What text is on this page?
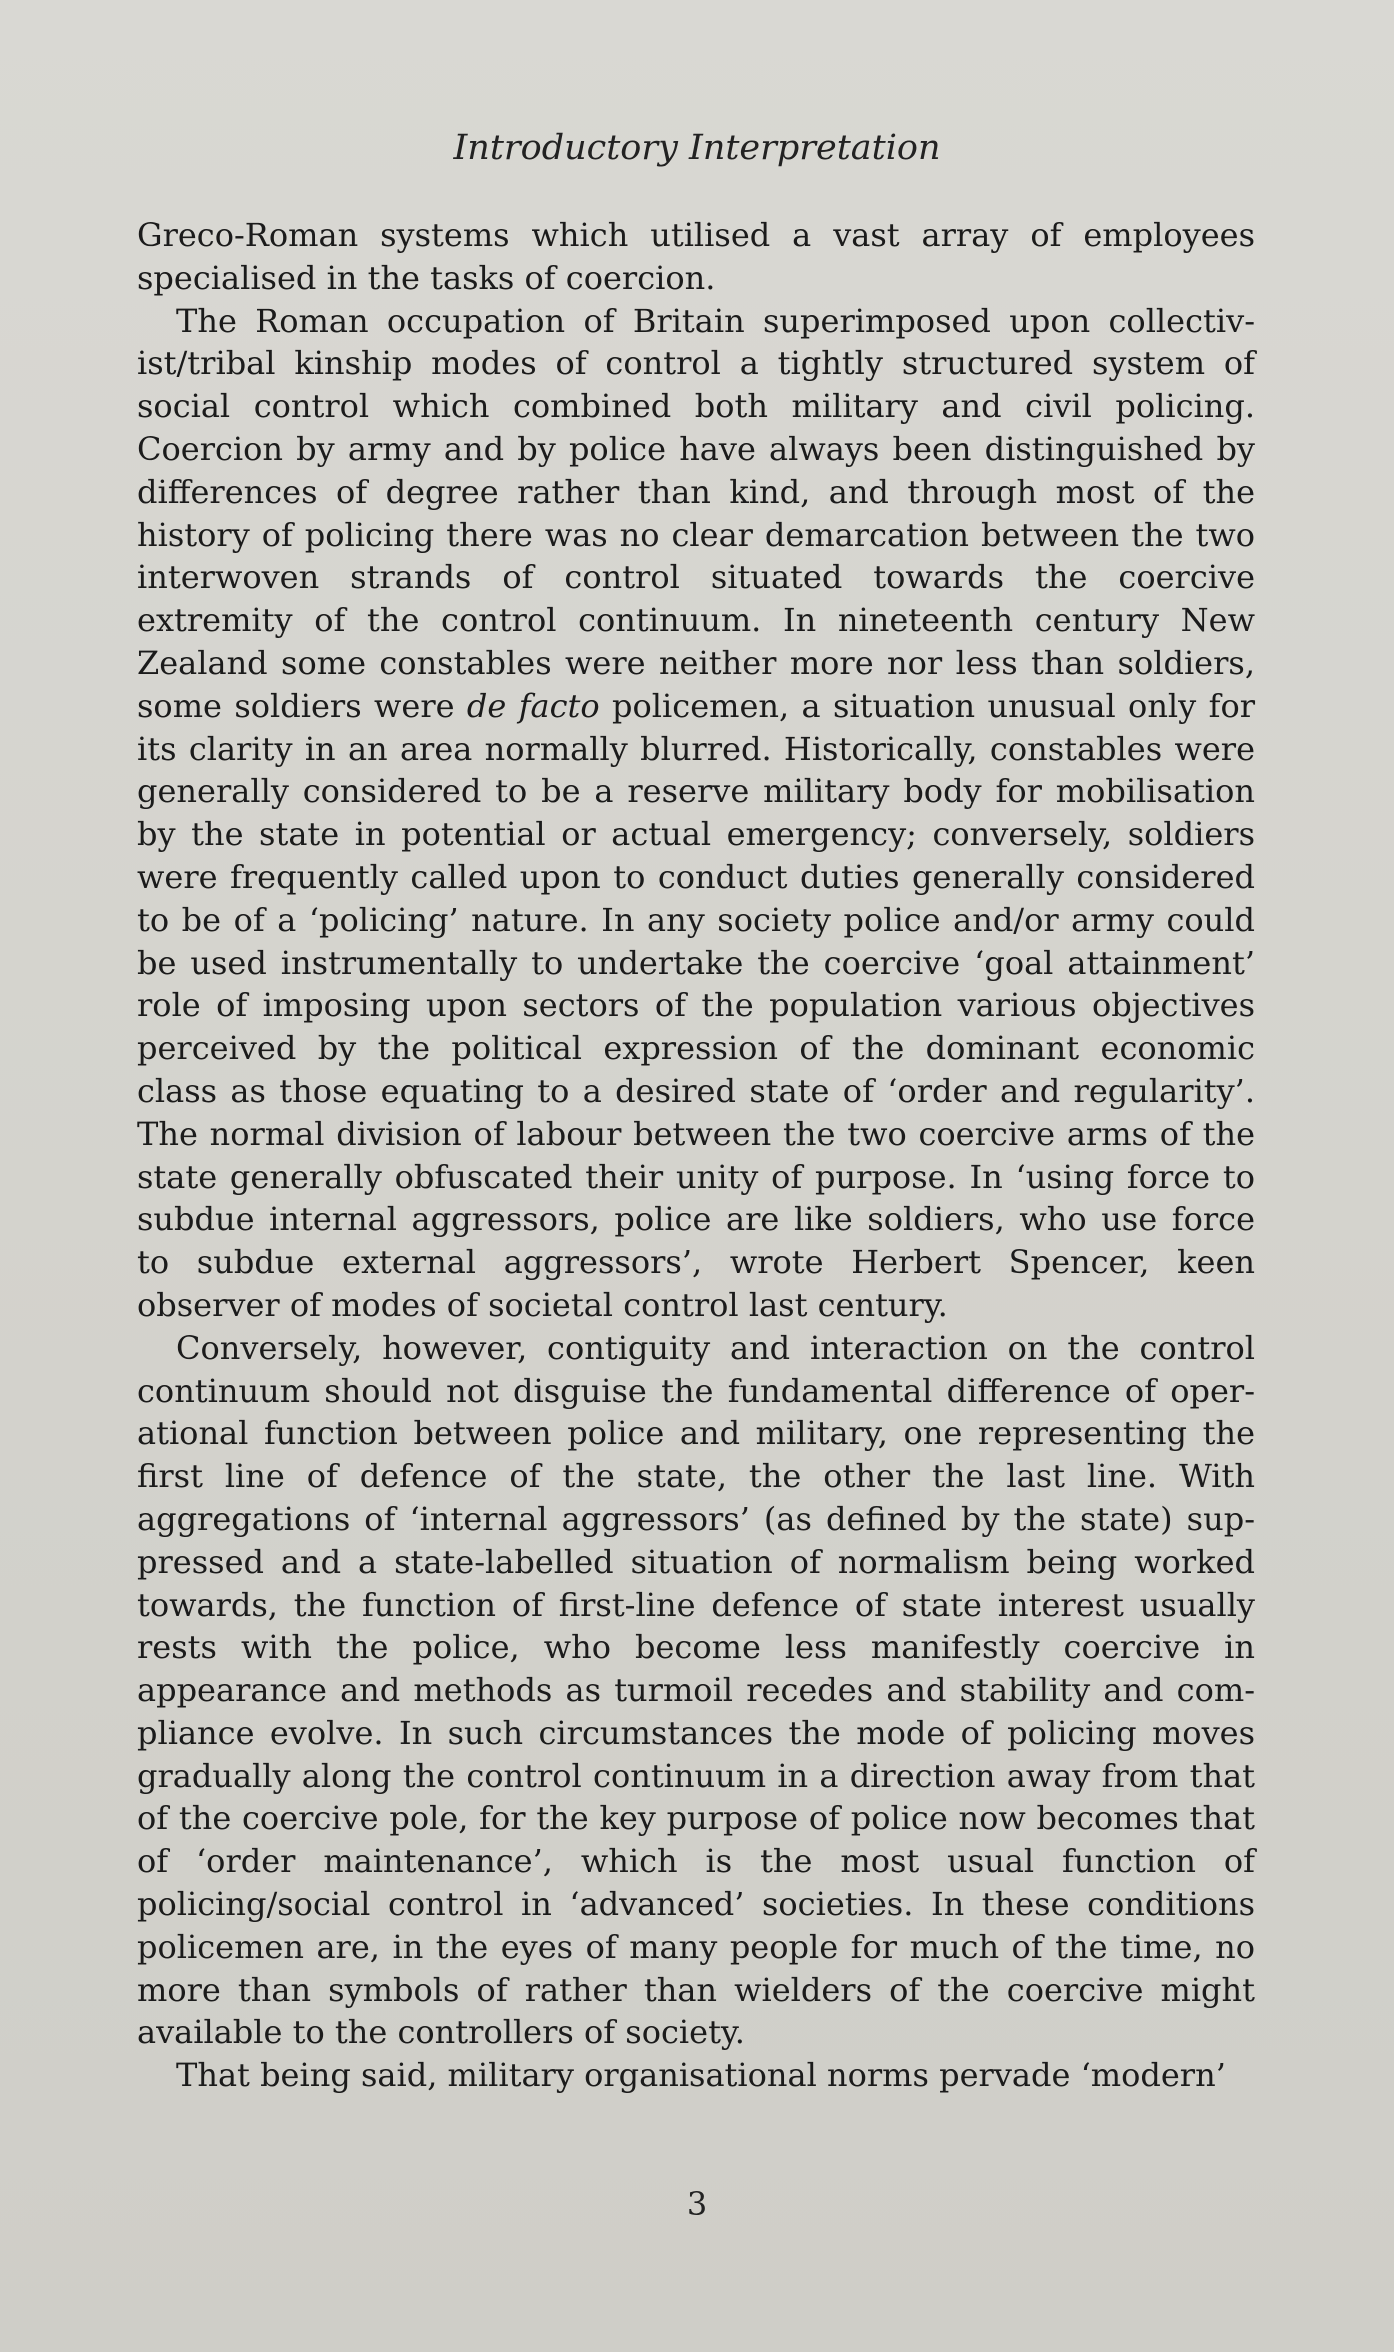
Introductory Interpretation

Greco-Roman systems which utilised a vast array of employees specialised in the tasks of coercion.

The Roman occupation of Britain superimposed upon collectivist/tribal kinship modes of control a tightly structured system of social control which combined both military and civil policing. Coercion by army and by police have always been distinguished by differences of degree rather than kind, and through most of the history of policing there was no clear demarcation between the two interwoven strands of control situated towards the coercive extremity of the control continuum. In nineteenth century New Zealand some constables were neither more nor less than soldiers, some soldiers were de facto policemen, a situation unusual only for its clarity in an area normally blurred. Historically, constables were generally considered to be a reserve military body for mobilisation by the state in potential or actual emergency; conversely, soldiers were frequently called upon to conduct duties generally considered to be of a ‘policing’ nature. In any society police and/or army could be used instrumentally to undertake the coercive ‘goal attainment’ role of imposing upon sectors of the population various objectives perceived by the political expression of the dominant economic class as those equating to a desired state of ‘order and regularity’. The normal division of labour between the two coercive arms of the state generally obfuscated their unity of purpose. In ‘using force to subdue internal aggressors, police are like soldiers, who use force to subdue external aggressors’, wrote Herbert Spencer, keen observer of modes of societal control last century.

Conversely, however, contiguity and interaction on the control continuum should not disguise the fundamental difference of operational function between police and military, one representing the first line of defence of the state, the other the last line. With aggregations of ‘internal aggressors’ (as defined by the state) suppressed and a state-labelled situation of normalism being worked towards, the function of first-line defence of state interest usually rests with the police, who become less manifestly coercive in appearance and methods as turmoil recedes and stability and compliance evolve. In such circumstances the mode of policing moves gradually along the control continuum in a direction away from that of the coercive pole, for the key purpose of police now becomes that of ‘order maintenance’, which is the most usual function of policing/social control in ‘advanced’ societies. In these conditions policemen are, in the eyes of many people for much of the time, no more than symbols of rather than wielders of the coercive might available to the controllers of society.

That being said, military organisational norms pervade ‘modern’

3
